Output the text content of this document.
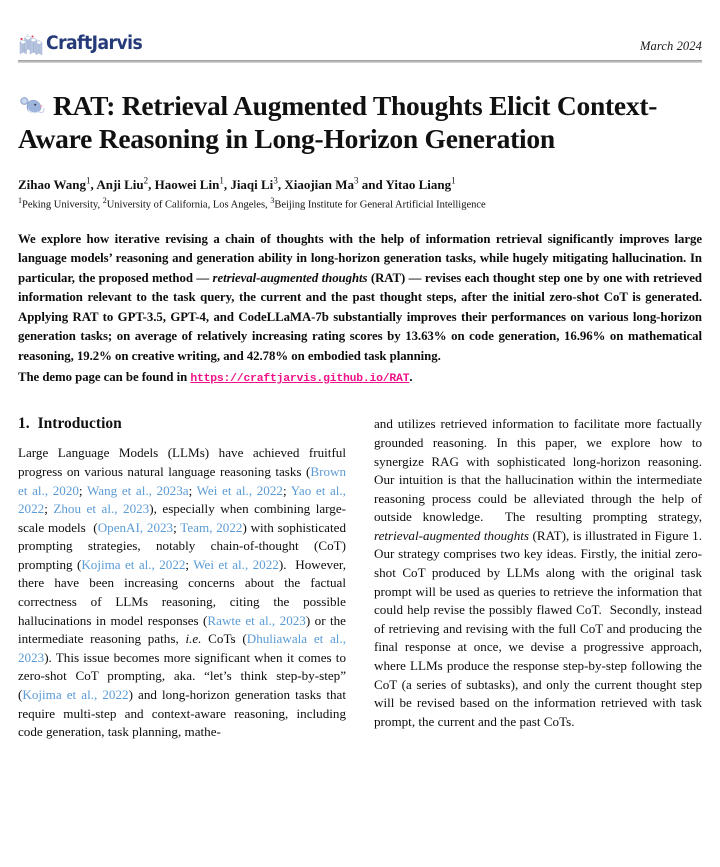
CraftJarvis	March 2024
RAT: Retrieval Augmented Thoughts Elicit Context-Aware Reasoning in Long-Horizon Generation
Zihao Wang$^1$, Anji Liu$^2$, Haowei Lin$^1$, Jiaqi Li$^3$, Xiaojian Ma$^3$ and Yitao Liang$^1$
$^1$Peking University, $^2$University of California, Los Angeles, $^3$Beijing Institute for General Artificial Intelligence
We explore how iterative revising a chain of thoughts with the help of information retrieval significantly improves large language models’ reasoning and generation ability in long-horizon generation tasks, while hugely mitigating hallucination. In particular, the proposed method — retrieval-augmented thoughts (RAT) — revises each thought step one by one with retrieved information relevant to the task query, the current and the past thought steps, after the initial zero-shot CoT is generated. Applying RAT to GPT-3.5, GPT-4, and CodeLLaMA-7b substantially improves their performances on various long-horizon generation tasks; on average of relatively increasing rating scores by 13.63% on code generation, 16.96% on mathematical reasoning, 19.2% on creative writing, and 42.78% on embodied task planning.
The demo page can be found in https://craftjarvis.github.io/RAT.
1. Introduction

Large Language Models (LLMs) have achieved fruitful progress on various natural language reasoning tasks (Brown et al., 2020; Wang et al., 2023a; Wei et al., 2022; Yao et al., 2022; Zhou et al., 2023), especially when combining large-scale models  (OpenAI, 2023; Team, 2022) with sophisticated prompting strategies, notably chain-of-thought (CoT) prompting (Kojima et al., 2022; Wei et al., 2022).  However, there have been increasing concerns about the factual correctness of LLMs reasoning, citing the possible hallucinations in model responses (Rawte et al., 2023) or the intermediate reasoning paths, i.e. CoTs (Dhuliawala et al., 2023). This issue becomes more significant when it comes to zero-shot CoT prompting, aka. “let’s think step-by-step” (Kojima et al., 2022) and long-horizon generation tasks that require multi-step and context-aware reasoning, including code generation, task planning, mathe-

and utilizes retrieved information to facilitate more factually grounded reasoning. In this paper, we explore how to synergize RAG with sophisticated long-horizon reasoning. Our intuition is that the hallucination within the intermediate reasoning process could be alleviated through the help of outside knowledge.  The resulting prompting strategy, retrieval-augmented thoughts (RAT), is illustrated in Figure 1. Our strategy comprises two key ideas. Firstly, the initial zero-shot CoT produced by LLMs along with the original task prompt will be used as queries to retrieve the information that could help revise the possibly flawed CoT.  Secondly, instead of retrieving and revising with the full CoT and producing the final response at once, we devise a progressive approach, where LLMs produce the response step-by-step following the CoT (a series of subtasks), and only the current thought step will be revised based on the information retrieved with task prompt, the current and the past CoTs.
